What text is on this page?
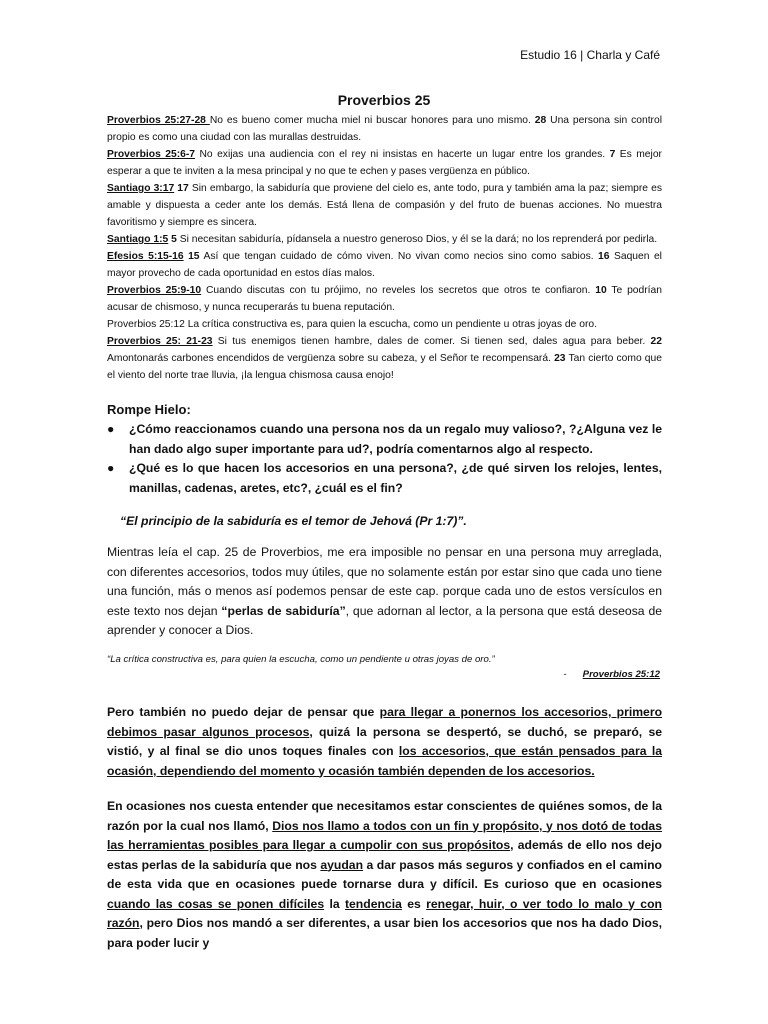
Estudio 16 | Charla y Café
Proverbios 25

Proverbios 25:27-28 No es bueno comer mucha miel ni buscar honores para uno mismo. 28 Una persona sin control propio es como una ciudad con las murallas destruidas.

Proverbios 25:6-7 No exijas una audiencia con el rey ni insistas en hacerte un lugar entre los grandes. 7 Es mejor esperar a que te inviten a la mesa principal y no que te echen y pases vergüenza en público.

Santiago 3:17 17 Sin embargo, la sabiduría que proviene del cielo es, ante todo, pura y también ama la paz; siempre es amable y dispuesta a ceder ante los demás. Está llena de compasión y del fruto de buenas acciones. No muestra favoritismo y siempre es sincera.

Santiago 1:5 5 Si necesitan sabiduría, pídansela a nuestro generoso Dios, y él se la dará; no los reprenderá por pedirla.

Efesios 5:15-16 15 Así que tengan cuidado de cómo viven. No vivan como necios sino como sabios. 16 Saquen el mayor provecho de cada oportunidad en estos días malos.

Proverbios 25:9-10 Cuando discutas con tu prójimo, no reveles los secretos que otros te confiaron. 10 Te podrían acusar de chismoso, y nunca recuperarás tu buena reputación.

Proverbios 25:12 La crítica constructiva es, para quien la escucha, como un pendiente u otras joyas de oro.

Proverbios 25: 21-23 Si tus enemigos tienen hambre, dales de comer. Si tienen sed, dales agua para beber. 22 Amontonarás carbones encendidos de vergüenza sobre su cabeza, y el Señor te recompensará. 23 Tan cierto como que el viento del norte trae lluvia, ¡la lengua chismosa causa enojo!

Rompe Hielo:
● ¿Cómo reaccionamos cuando una persona nos da un regalo muy valioso?, ?¿Alguna vez le han dado algo super importante para ud?, podría comentarnos algo al respecto.
● ¿Qué es lo que hacen los accesorios en una persona?, ¿de qué sirven los relojes, lentes, manillas, cadenas, aretes, etc?, ¿cuál es el fin?
“El principio de la sabiduría es el temor de Jehová (Pr 1:7)”.
Mientras leía el cap. 25 de Proverbios, me era imposible no pensar en una persona muy arreglada, con diferentes accesorios, todos muy útiles, que no solamente están por estar sino que cada uno tiene una función, más o menos así podemos pensar de este cap. porque cada uno de estos versículos en este texto nos dejan “perlas de sabiduría”, que adornan al lector, a la persona que está deseosa de aprender y conocer a Dios.
“La crítica constructiva es, para quien la escucha, como un pendiente u otras joyas de oro.”
- Proverbios 25:12
Pero también no puedo dejar de pensar que para llegar a ponernos los accesorios, primero debimos pasar algunos procesos, quizá la persona se despertó, se duchó, se preparó, se vistió, y al final se dio unos toques finales con los accesorios, que están pensados para la ocasión, dependiendo del momento y ocasión también dependen de los accesorios.
En ocasiones nos cuesta entender que necesitamos estar conscientes de quiénes somos, de la razón por la cual nos llamó, Dios nos llamo a todos con un fin y propósito, y nos dotó de todas las herramientas posibles para llegar a cumpolir con sus propósitos, además de ello nos dejo estas perlas de la sabiduría que nos ayudan a dar pasos más seguros y confiados en el camino de esta vida que en ocasiones puede tornarse dura y difícil. Es curioso que en ocasiones cuando las cosas se ponen difíciles la tendencia es renegar, huir, o ver todo lo malo y con razón, pero Dios nos mandó a ser diferentes, a usar bien los accesorios que nos ha dado Dios, para poder lucir y
